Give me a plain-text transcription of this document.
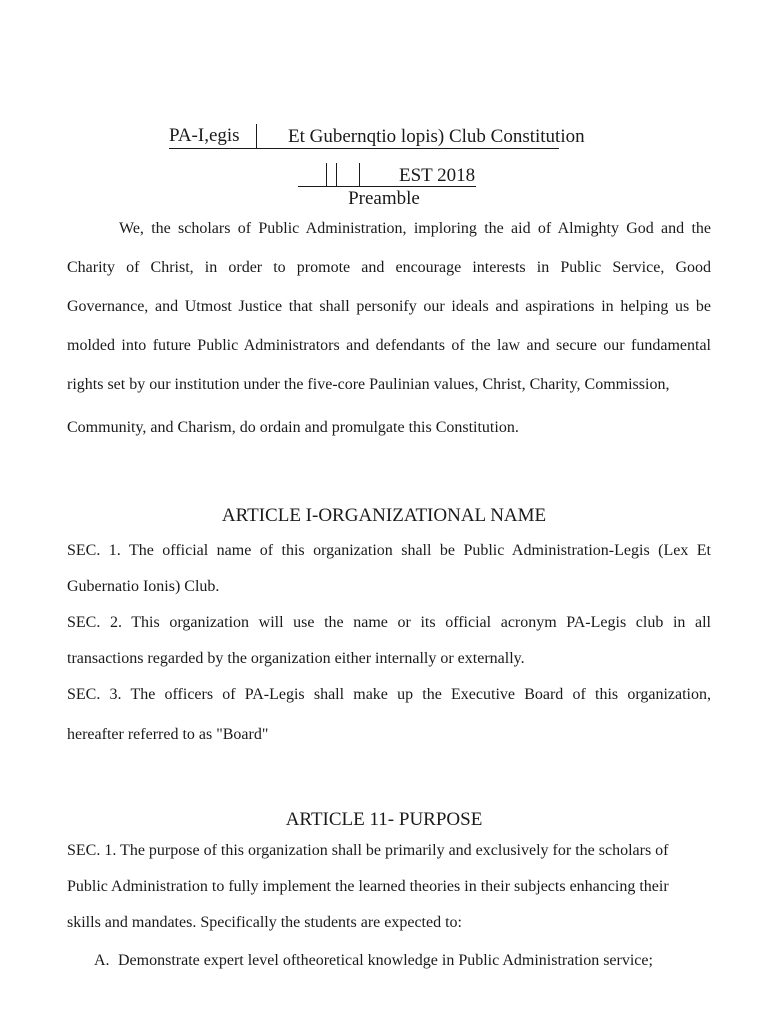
PA-I,egis	Et Gubernqtio lopis) Club Constitution
EST 2018
Preamble
We, the scholars of Public Administration, imploring the aid of Almighty God and the
Charity of Christ, in order to promote and encourage interests in Public Service, Good
Governance, and Utmost Justice that shall personify our ideals and aspirations in helping us be
molded into future Public Administrators and defendants of the law and secure our fundamental
rights set by our institution under the five-core Paulinian values, Christ, Charity, Commission,
Community, and Charism, do ordain and promulgate this Constitution.
ARTICLE I-ORGANIZATIONAL NAME
SEC. 1. The official name of this organization shall be Public Administration-Legis (Lex Et
Gubernatio Ionis) Club.
SEC. 2. This organization will use the name or its official acronym PA-Legis club in all
transactions regarded by the organization either internally or externally.
SEC. 3. The officers of PA-Legis shall make up the Executive Board of this organization,
hereafter referred to as "Board"
ARTICLE 11- PURPOSE
SEC. 1. The purpose of this organization shall be primarily and exclusively for the scholars of
Public Administration to fully implement the learned theories in their subjects enhancing their
skills and mandates. Specifically the students are expected to:
A. Demonstrate expert level oftheoretical knowledge in Public Administration service;
